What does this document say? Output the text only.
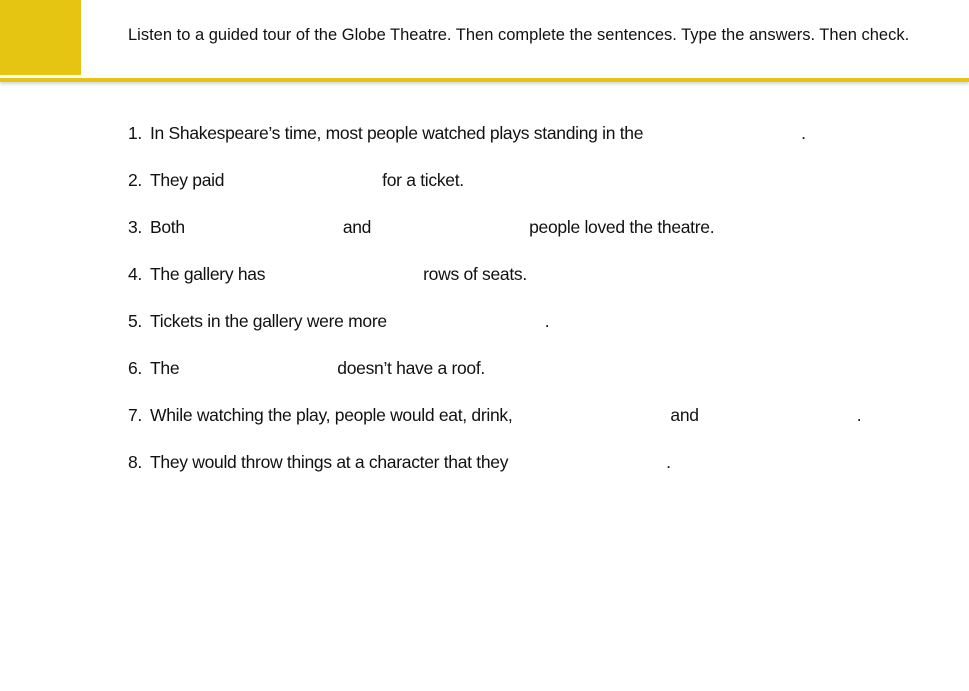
Listen to a guided tour of the Globe Theatre. Then complete the sentences. Type the answers. Then check.
1. In Shakespeare’s time, most people watched plays standing in the	.
2. They paid	for a ticket.
3. Both	and	people loved the theatre.
4. The gallery has	rows of seats.
5. Tickets in the gallery were more	.
6. The	doesn’t have a roof.
7. While watching the play, people would eat, drink,	and	.
8. They would throw things at a character that they	.
